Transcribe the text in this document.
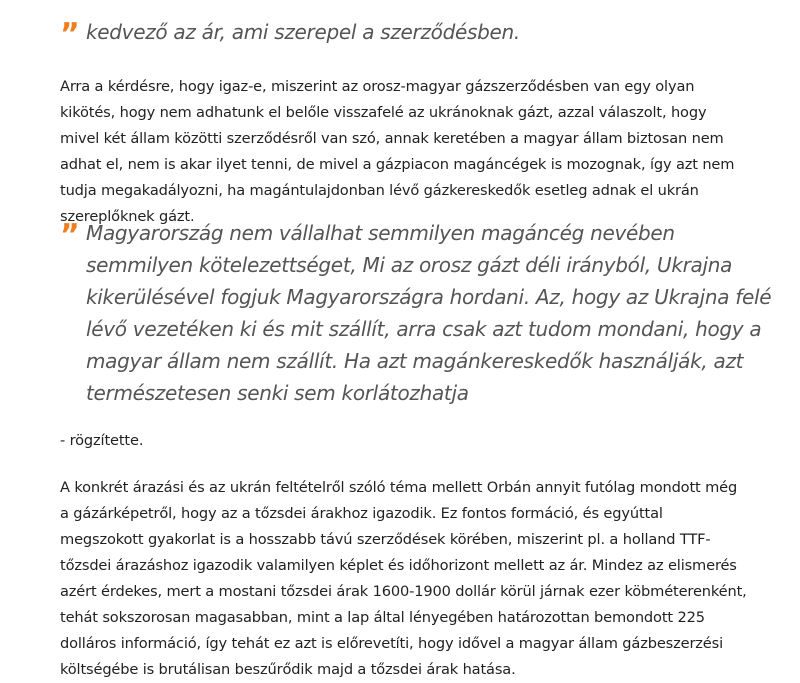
” kedvező az ár, ami szerepel a szerződésben.

Arra a kérdésre, hogy igaz-e, miszerint az orosz-magyar gázszerződésben van egy olyan kikötés, hogy nem adhatunk el belőle visszafelé az ukránoknak gázt, azzal válaszolt, hogy mivel két állam közötti szerződésről van szó, annak keretében a magyar állam biztosan nem adhat el, nem is akar ilyet tenni, de mivel a gázpiacon magáncégek is mozognak, így azt nem tudja megakadályozni, ha magántulajdonban lévő gázkereskedők esetleg adnak el ukrán szereplőknek gázt.

” Magyarország nem vállalhat semmilyen magáncég nevében semmilyen kötelezettséget, Mi az orosz gázt déli irányból, Ukrajna kikerülésével fogjuk Magyarországra hordani. Az, hogy az Ukrajna felé lévő vezetéken ki és mit szállít, arra csak azt tudom mondani, hogy a magyar állam nem szállít. Ha azt magánkereskedők használják, azt természetesen senki sem korlátozhatja

- rögzítette.

A konkrét árazási és az ukrán feltételről szóló téma mellett Orbán annyit futólag mondott még a gázárképetről, hogy az a tőzsdei árakhoz igazodik. Ez fontos formáció, és egyúttal megszokott gyakorlat is a hosszabb távú szerződések körében, miszerint pl. a holland TTF-tőzsdei árazáshoz igazodik valamilyen képlet és időhorizont mellett az ár. Mindez az elismerés azért érdekes, mert a mostani tőzsdei árak 1600-1900 dollár körül járnak ezer köbméterenként, tehát sokszorosan magasabban, mint a lap által lényegében határozottan bemondott 225 dolláros információ, így tehát ez azt is előrevetíti, hogy idővel a magyar állam gázbeszerzési költségébe is brutálisan beszűrődik majd a tőzsdei árak hatása.
